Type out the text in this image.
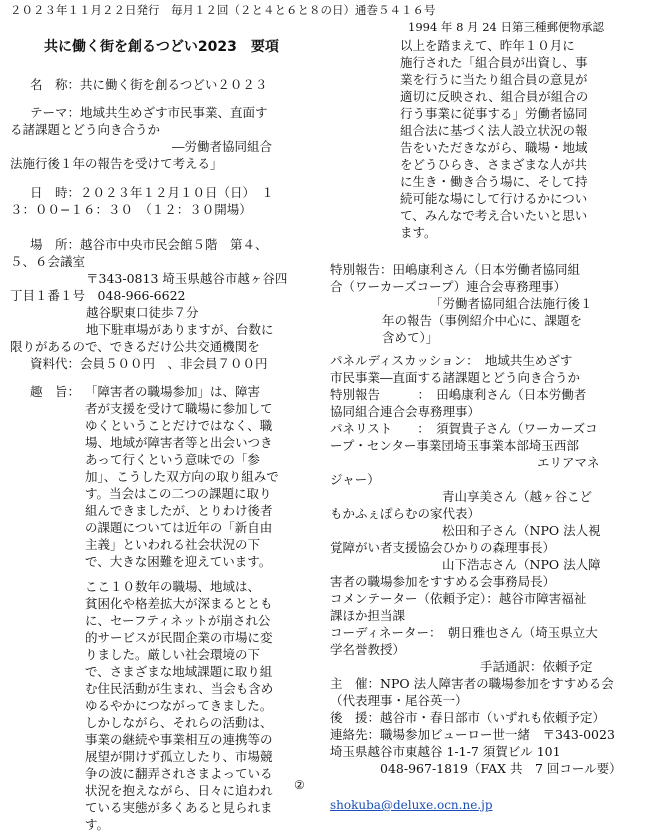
２０２３年１１月２２日発行　毎月１２回（２と４と６と８の日）通巻５４１６号
1994 年 8 月 24 日第三種郵便物承認
共に働く街を創るつどい2023　要項
名　称：共に働く街を創るつどい２０２３
テーマ：地域共生めざす市民事業、直面す
る諸課題とどう向き合うか
―労働者協同組合
法施行後１年の報告を受けて考える」
日　時：２０２３年１２月１０日（日）　１
３：００−１６：３０　（１２：３０開場）
場　所：越谷市中央市民会館５階　第４、
５、６会議室
〒343-0813 埼玉県越谷市越ヶ谷四
丁目１番１号　048-966-6622
越谷駅東口徒歩７分
地下駐車場がありますが、台数に
限りがあるので、できるだけ公共交通機関を
資料代：会員５００円　、非会員７００円
趣　旨： 「障害者の職場参加」は、障害
者が支援を受けて職場に参加して
ゆくということだけではなく、職
場、地域が障害者等と出会いつき
あって行くという意味での「参
加」、こうした双方向の取り組みで
す。当会はこの二つの課題に取り
組んできましたが、とりわけ後者
の課題については近年の「新自由
主義」といわれる社会状況の下
で、大きな困難を迎えています。
ここ１０数年の職場、地域は、
貧困化や格差拡大が深まるととも
に、セーフティネットが崩され公
的サービスが民間企業の市場に変
りました。厳しい社会環境の下
で、さまざまな地域課題に取り組
む住民活動が生まれ、当会も含め
ゆるやかにつながってきました。
しかしながら、それらの活動は、
事業の継続や事業相互の連携等の
展望が開けず孤立したり、市場競
争の波に翻弄されさまよっている
状況を抱えながら、日々に追われ
ている実態が多くあると見られま
す。
②
以上を踏まえて、昨年１０月に
施行された「組合員が出資し、事
業を行うに当たり組合員の意見が
適切に反映され、組合員が組合の
行う事業に従事する」労働者協同
組合法に基づく法人設立状況の報
告をいただきながら、職場・地域
をどうひらき、さまざまな人が共
に生き・働き合う場に、そして持
続可能な場にして行けるかについ
て、みんなで考え合いたいと思い
ます。
特別報告：田嶋康利さん（日本労働者協同組
合（ワーカーズコープ）連合会専務理事）
「労働者協同組合法施行後１
年の報告（事例紹介中心に、課題を
含めて）」
パネルディスカッション：　地域共生めざす
市民事業―直面する諸課題とどう向き合うか
特別報告　　　：　田嶋康利さん（日本労働者
協同組合連合会専務理事）
パネリスト　　：　須賀貴子さん（ワーカーズコ
ープ・センター事業団埼玉事業本部埼玉西部
エリアマネ
ジャー）
青山享美さん（越ヶ谷こど
もかふぇぽらむの家代表）
松田和子さん（NPO 法人視
覚障がい者支援協会ひかりの森理事長）
山下浩志さん（NPO 法人障
害者の職場参加をすすめる会事務局長）
コメンテーター（依頼予定）：越谷市障害福祉
課ほか担当課
コーディネーター：　朝日雅也さん（埼玉県立大
学名誉教授）
手話通訳：依頼予定
主　催：NPO 法人障害者の職場参加をすすめる会
（代表理事・尾谷英一）
後　援：越谷市・春日部市（いずれも依頼予定）
連絡先：職場参加ビューロー世一緒　〒343-0023
埼玉県越谷市東越谷 1-1-7 須賀ビル 101
048-967-1819（FAX 共　7 回コール要）
shokuba@deluxe.ocn.ne.jp
